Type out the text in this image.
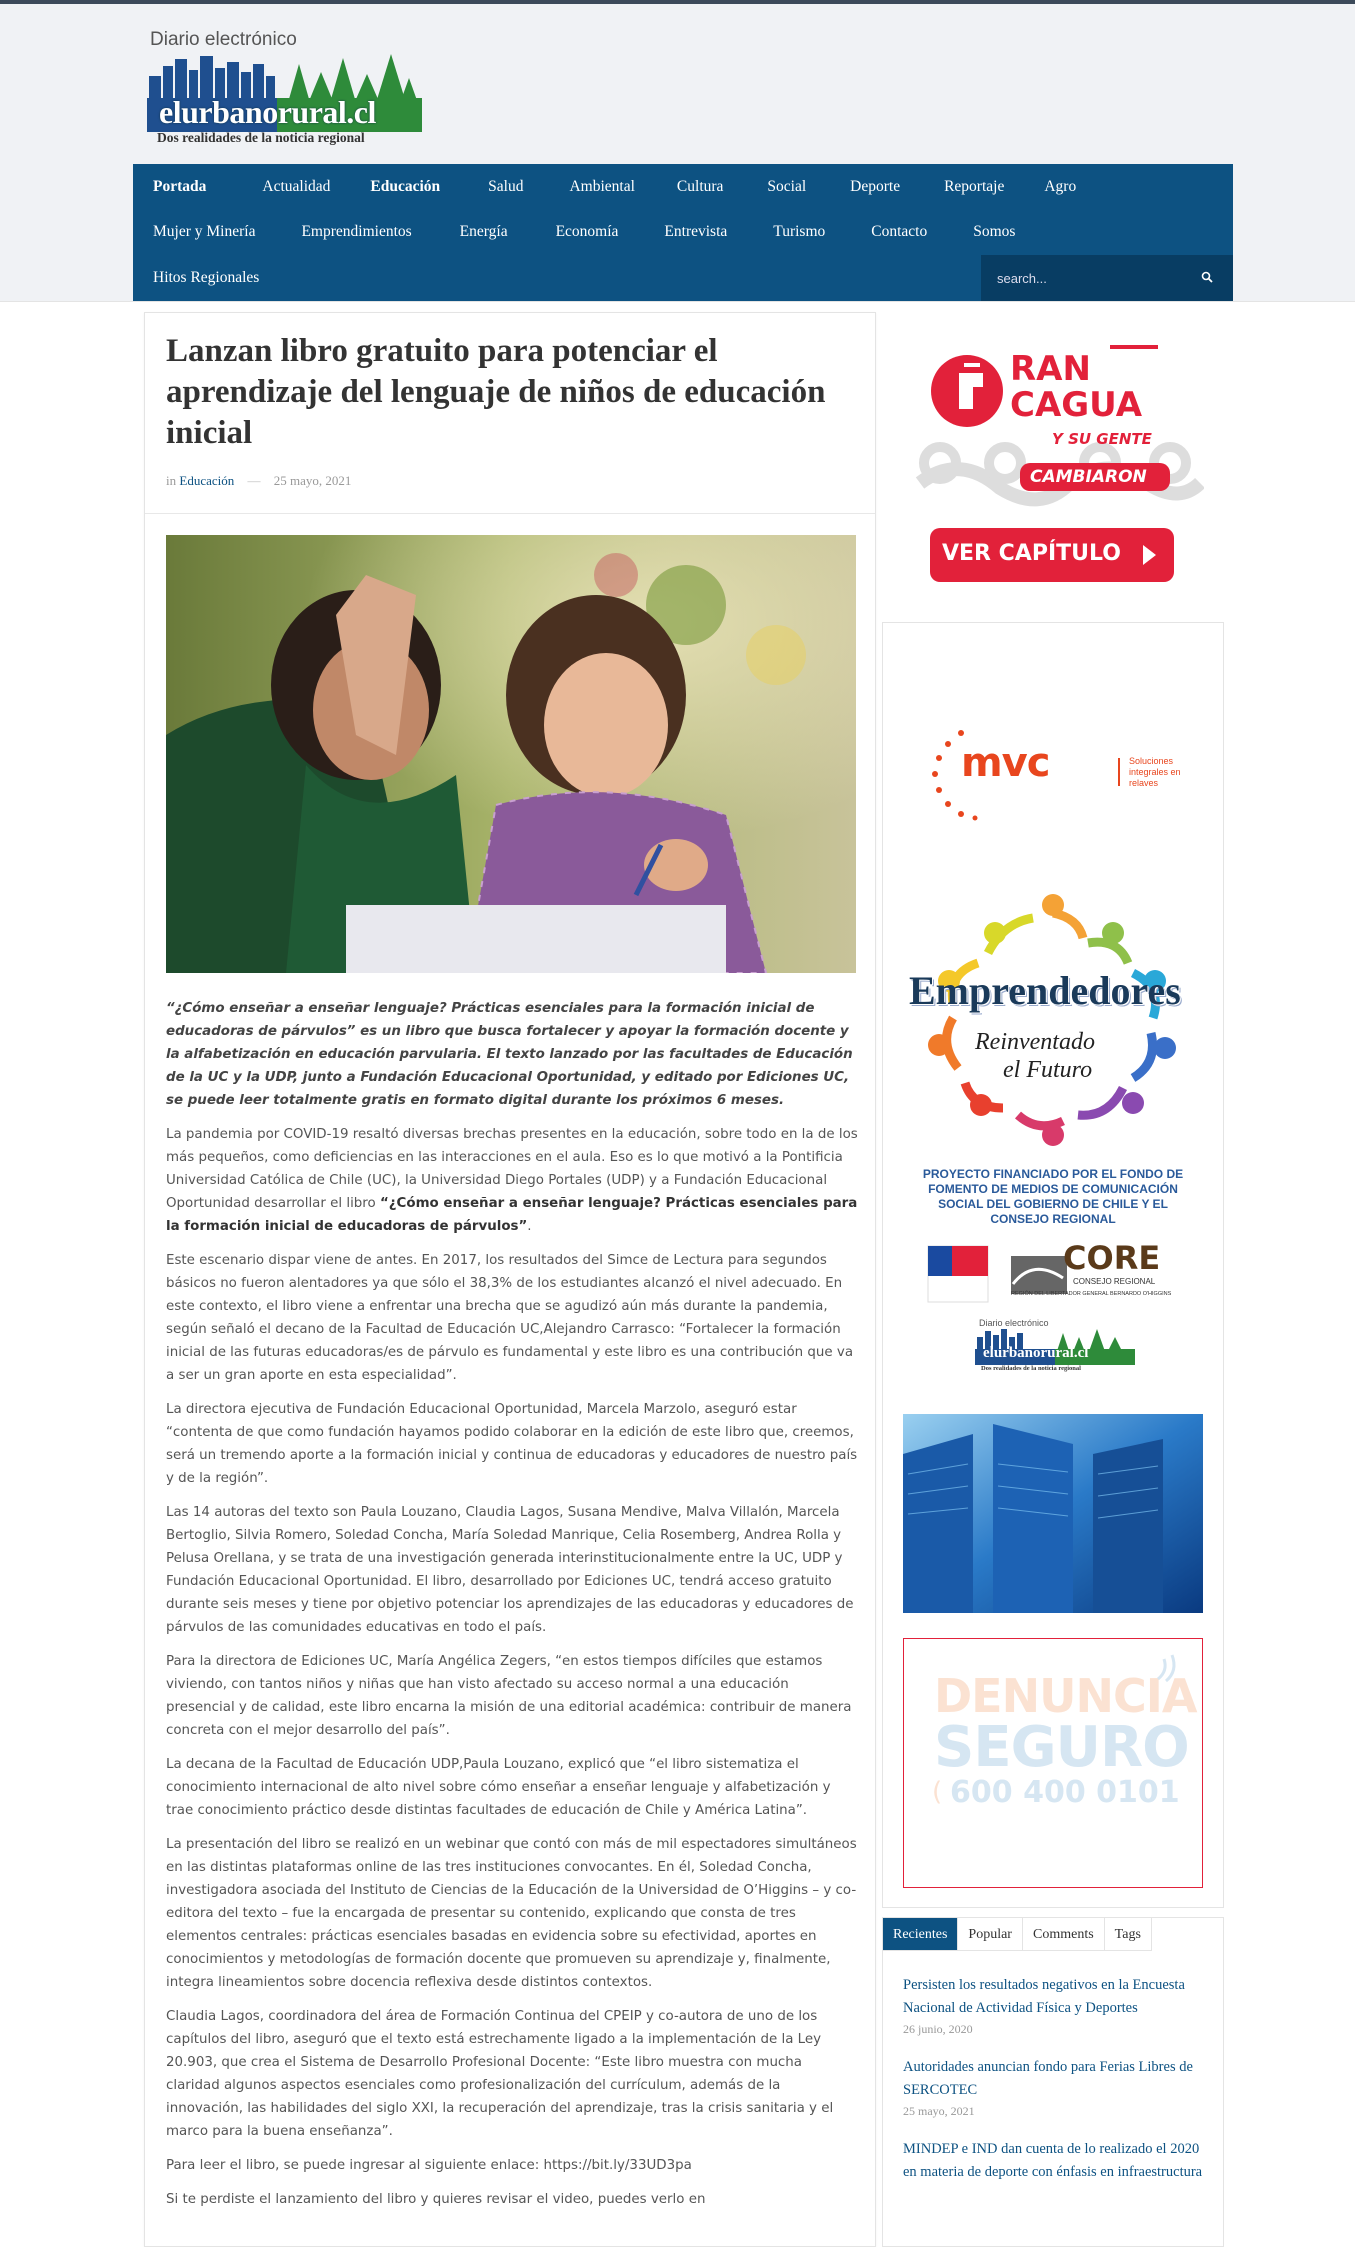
Diario electrónico
elurbanorural.cl
Dos realidades de la noticia regional
Portada	Actualidad	Educación	Salud	Ambiental	Cultura	Social	Deporte	Reportaje	Agro
Mujer y Minería	Emprendimientos	Energía	Economía	Entrevista	Turismo	Contacto	Somos
Hitos Regionales
search...
Lanzan libro gratuito para potenciar el aprendizaje del lenguaje de niños de educación inicial
in Educación — 25 mayo, 2021

“¿Cómo enseñar a enseñar lenguaje? Prácticas esenciales para la formación inicial de educadoras de párvulos” es un libro que busca fortalecer y apoyar la formación docente y la alfabetización en educación parvularia. El texto lanzado por las facultades de Educación de la UC y la UDP, junto a Fundación Educacional Oportunidad, y editado por Ediciones UC, se puede leer totalmente gratis en formato digital durante los próximos 6 meses.

La pandemia por COVID-19 resaltó diversas brechas presentes en la educación, sobre todo en la de los más pequeños, como deficiencias en las interacciones en el aula. Eso es lo que motivó a la Pontificia Universidad Católica de Chile (UC), la Universidad Diego Portales (UDP) y a Fundación Educacional Oportunidad desarrollar el libro “¿Cómo enseñar a enseñar lenguaje? Prácticas esenciales para la formación inicial de educadoras de párvulos”.

Este escenario dispar viene de antes. En 2017, los resultados del Simce de Lectura para segundos básicos no fueron alentadores ya que sólo el 38,3% de los estudiantes alcanzó el nivel adecuado. En este contexto, el libro viene a enfrentar una brecha que se agudizó aún más durante la pandemia, según señaló el decano de la Facultad de Educación UC,Alejandro Carrasco: “Fortalecer la formación inicial de las futuras educadoras/es de párvulo es fundamental y este libro es una contribución que va a ser un gran aporte en esta especialidad”.

La directora ejecutiva de Fundación Educacional Oportunidad, Marcela Marzolo, aseguró estar “contenta de que como fundación hayamos podido colaborar en la edición de este libro que, creemos, será un tremendo aporte a la formación inicial y continua de educadoras y educadores de nuestro país y de la región”.

Las 14 autoras del texto son Paula Louzano, Claudia Lagos, Susana Mendive, Malva Villalón, Marcela Bertoglio, Silvia Romero, Soledad Concha, María Soledad Manrique, Celia Rosemberg, Andrea Rolla y Pelusa Orellana, y se trata de una investigación generada interinstitucionalmente entre la UC, UDP y Fundación Educacional Oportunidad. El libro, desarrollado por Ediciones UC, tendrá acceso gratuito durante seis meses y tiene por objetivo potenciar los aprendizajes de las educadoras y educadores de párvulos de las comunidades educativas en todo el país.

Para la directora de Ediciones UC, María Angélica Zegers, “en estos tiempos difíciles que estamos viviendo, con tantos niños y niñas que han visto afectado su acceso normal a una educación presencial y de calidad, este libro encarna la misión de una editorial académica: contribuir de manera concreta con el mejor desarrollo del país”.

La decana de la Facultad de Educación UDP,Paula Louzano, explicó que “el libro sistematiza el conocimiento internacional de alto nivel sobre cómo enseñar a enseñar lenguaje y alfabetización y trae conocimiento práctico desde distintas facultades de educación de Chile y América Latina”.

La presentación del libro se realizó en un webinar que contó con más de mil espectadores simultáneos en las distintas plataformas online de las tres instituciones convocantes. En él, Soledad Concha, investigadora asociada del Instituto de Ciencias de la Educación de la Universidad de O’Higgins – y co-editora del texto – fue la encargada de presentar su contenido, explicando que consta de tres elementos centrales: prácticas esenciales basadas en evidencia sobre su efectividad, aportes en conocimientos y metodologías de formación docente que promueven su aprendizaje y, finalmente, integra lineamientos sobre docencia reflexiva desde distintos contextos.

Claudia Lagos, coordinadora del área de Formación Continua del CPEIP y co-autora de uno de los capítulos del libro, aseguró que el texto está estrechamente ligado a la implementación de la Ley 20.903, que crea el Sistema de Desarrollo Profesional Docente: “Este libro muestra con mucha claridad algunos aspectos esenciales como profesionalización del currículum, además de la innovación, las habilidades del siglo XXI, la recuperación del aprendizaje, tras la crisis sanitaria y el marco para la buena enseñanza”.

Para leer el libro, se puede ingresar al siguiente enlace: https://bit.ly/33UD3pa

Si te perdiste el lanzamiento del libro y quieres revisar el video, puedes verlo en

RAN
CAGUA
Y SU GENTE
CAMBIARON
VER CAPÍTULO
mvc	Soluciones integrales en relaves
Emprendedores
Reinventado
el Futuro
PROYECTO FINANCIADO POR EL FONDO DE FOMENTO DE MEDIOS DE COMUNICACIÓN SOCIAL DEL GOBIERNO DE CHILE Y EL CONSEJO REGIONAL
CORE
CONSEJO REGIONAL
REGIÓN DEL LIBERTADOR GENERAL BERNARDO O'HIGGINS
Diario electrónico
elurbanorural.cl
Dos realidades de la noticia regional
DENUNCIA
SEGURO
( 600 400 0101
Recientes	Popular	Comments	Tags
Persisten los resultados negativos en la Encuesta Nacional de Actividad Física y Deportes
26 junio, 2020
Autoridades anuncian fondo para Ferias Libres de SERCOTEC
25 mayo, 2021
MINDEP e IND dan cuenta de lo realizado el 2020 en materia de deporte con énfasis en infraestructura
